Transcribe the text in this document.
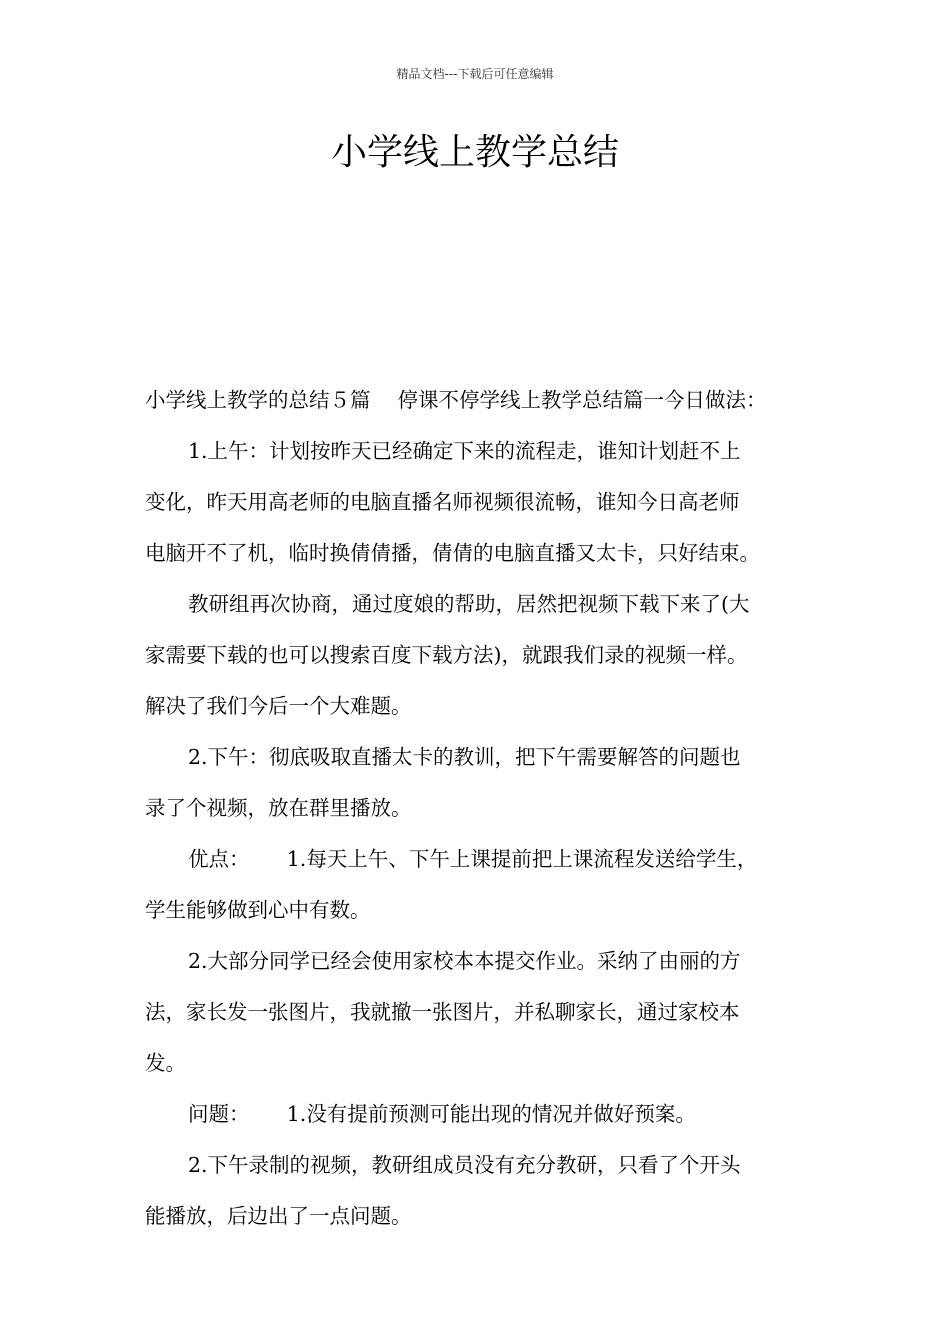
精品文档---下载后可任意编辑
小学线上教学总结

小学线上教学的总结５篇　 停课不停学线上教学总结篇一今日做法：

1.上午：计划按昨天已经确定下来的流程走，谁知计划赶不上

变化，昨天用高老师的电脑直播名师视频很流畅，谁知今日高老师

电脑开不了机，临时换倩倩播，倩倩的电脑直播又太卡，只好结束。

教研组再次协商，通过度娘的帮助，居然把视频下载下来了(大

家需要下载的也可以搜索百度下载方法)，就跟我们录的视频一样。

解决了我们今后一个大难题。

2.下午：彻底吸取直播太卡的教训，把下午需要解答的问题也

录了个视频，放在群里播放。

优点：　　 1.每天上午、下午上课提前把上课流程发送给学生，

学生能够做到心中有数。

2.大部分同学已经会使用家校本本提交作业。采纳了由丽的方

法，家长发一张图片，我就撤一张图片，并私聊家长，通过家校本

发。

问题：　　 1.没有提前预测可能出现的情况并做好预案。

2.下午录制的视频，教研组成员没有充分教研，只看了个开头

能播放，后边出了一点问题。
